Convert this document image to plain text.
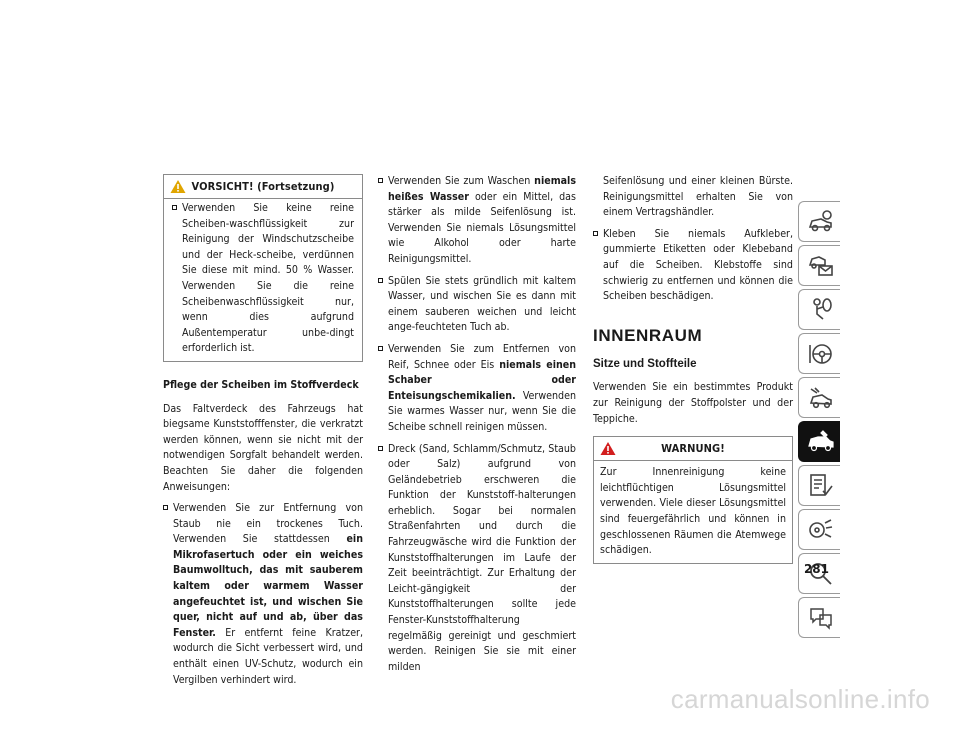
VORSICHT! (Fortsetzung)
Verwenden Sie keine reine Scheiben-waschflüssigkeit zur Reinigung der Windschutzscheibe und der Heck-scheibe, verdünnen Sie diese mit mind. 50 % Wasser. Verwenden Sie die reine Scheibenwaschflüssigkeit nur, wenn dies aufgrund Außentemperatur unbe-dingt erforderlich ist.

Pflege der Scheiben im Stoffverdeck

Das Faltverdeck des Fahrzeugs hat biegsame Kunststofffenster, die verkratzt werden können, wenn sie nicht mit der notwendigen Sorgfalt behandelt werden. Beachten Sie daher die folgenden Anweisungen:

Verwenden Sie zur Entfernung von Staub nie ein trockenes Tuch. Verwenden Sie stattdessen ein Mikrofasertuch oder ein weiches Baumwolltuch, das mit sauberem kaltem oder warmem Wasser angefeuchtet ist, und wischen Sie quer, nicht auf und ab, über das Fenster. Er entfernt feine Kratzer, wodurch die Sicht verbessert wird, und enthält einen UV-Schutz, wodurch ein Vergilben verhindert wird.
Verwenden Sie zum Waschen niemals heißes Wasser oder ein Mittel, das stärker als milde Seifenlösung ist. Verwenden Sie niemals Lösungsmittel wie Alkohol oder harte Reinigungsmittel.
Spülen Sie stets gründlich mit kaltem Wasser, und wischen Sie es dann mit einem sauberen weichen und leicht ange-feuchteten Tuch ab.
Verwenden Sie zum Entfernen von Reif, Schnee oder Eis niemals einen Schaber oder Enteisungschemikalien. Verwenden Sie warmes Wasser nur, wenn Sie die Scheibe schnell reinigen müssen.
Dreck (Sand, Schlamm/Schmutz, Staub oder Salz) aufgrund von Geländebetrieb erschweren die Funktion der Kunststoff-halterungen erheblich. Sogar bei normalen Straßenfahrten und durch die Fahrzeugwäsche wird die Funktion der Kunststoffhalterungen im Laufe der Zeit beeinträchtigt. Zur Erhaltung der Leicht-gängigkeit der Kunststoffhalterungen sollte jede Fenster-Kunststoffhalterung regelmäßig gereinigt und geschmiert werden. Reinigen Sie sie mit einer milden

Seifenlösung und einer kleinen Bürste. Reinigungsmittel erhalten Sie von einem Vertragshändler.

Kleben Sie niemals Aufkleber, gummierte Etiketten oder Klebeband auf die Scheiben. Klebstoffe sind schwierig zu entfernen und können die Scheiben beschädigen.
INNENRAUM
Sitze und Stoffteile

Verwenden Sie ein bestimmtes Produkt zur Reinigung der Stoffpolster und der Teppiche.

WARNUNG!

Zur Innenreinigung keine leichtflüchtigen Lösungsmittel verwenden. Viele dieser Lösungsmittel sind feuergefährlich und können in geschlossenen Räumen die Atemwege schädigen.

281
carmanualsonline.info
